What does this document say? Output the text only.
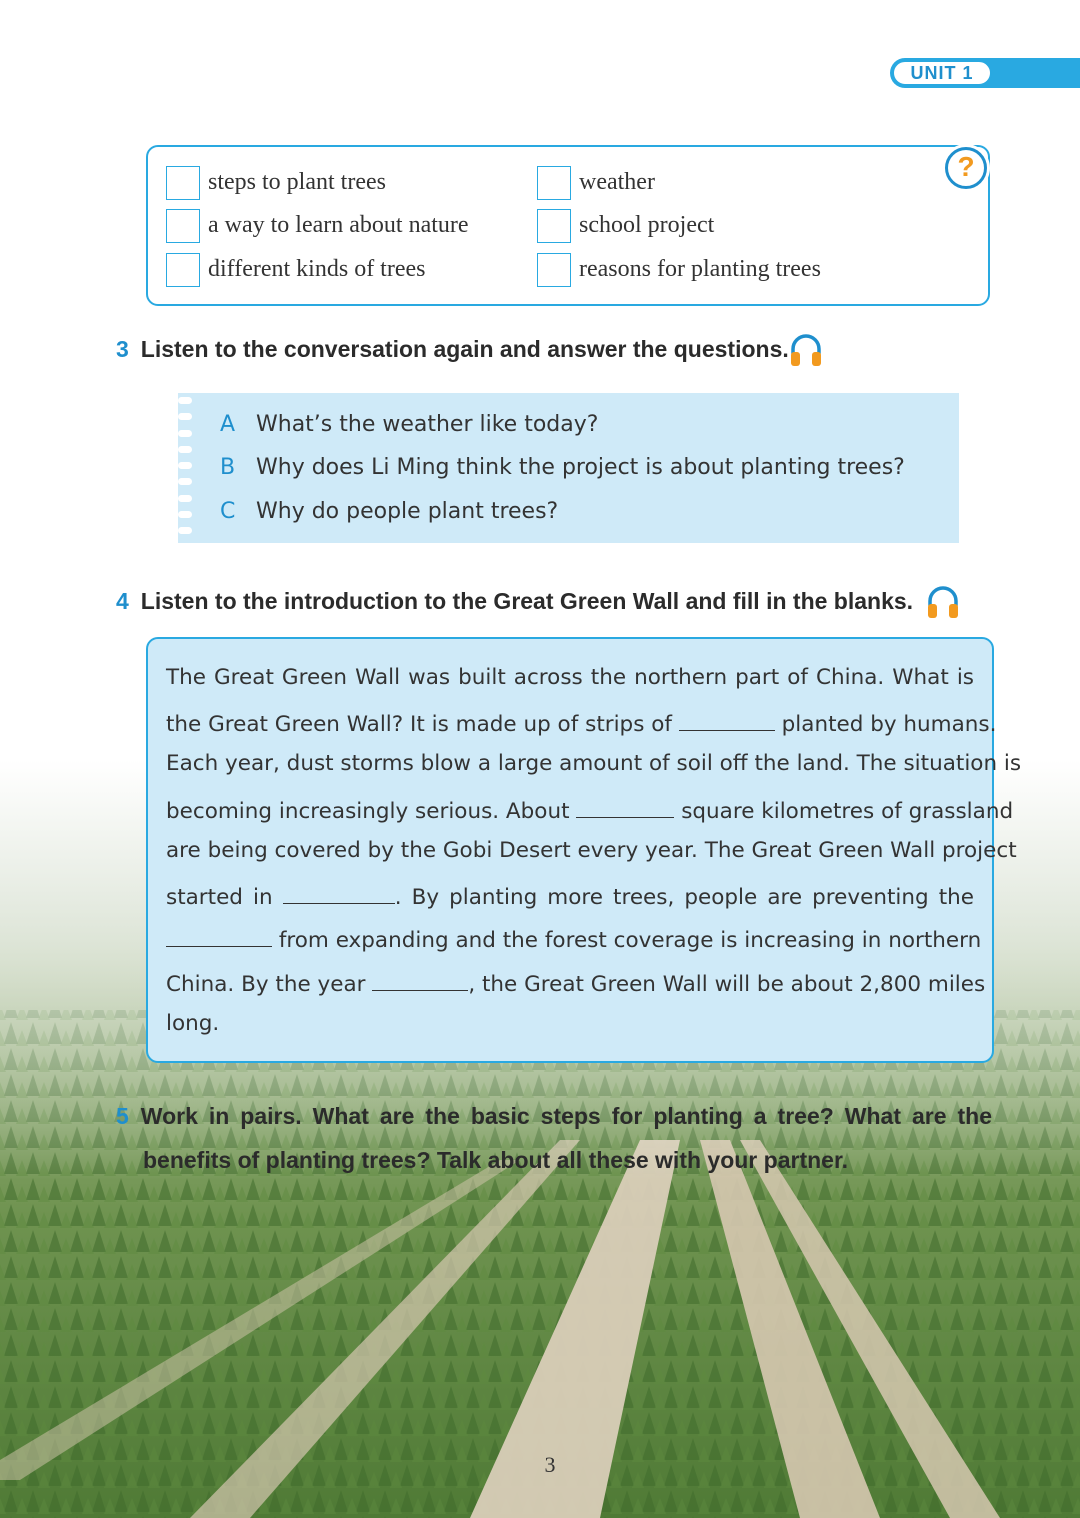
UNIT 1
?
steps to plant trees
a way to learn about nature
different kinds of trees
weather
school project
reasons for planting trees
3 Listen to the conversation again and answer the questions.
A What’s the weather like today?
B Why does Li Ming think the project is about planting trees?
C Why do people plant trees?
4 Listen to the introduction to the Great Green Wall and fill in the blanks.
The Great Green Wall was built across the northern part of China. What is
the Great Green Wall? It is made up of strips of	planted by humans.
Each year, dust storms blow a large amount of soil off the land. The situation is
becoming increasingly serious. About	square kilometres of grassland
are being covered by the Gobi Desert every year. The Great Green Wall project
started in	. By planting more trees, people are preventing the
from expanding and the forest coverage is increasing in northern
China. By the year	, the Great Green Wall will be about 2,800 miles
long.
5 Work in pairs. What are the basic steps for planting a tree? What are the
benefits of planting trees? Talk about all these with your partner.
3
